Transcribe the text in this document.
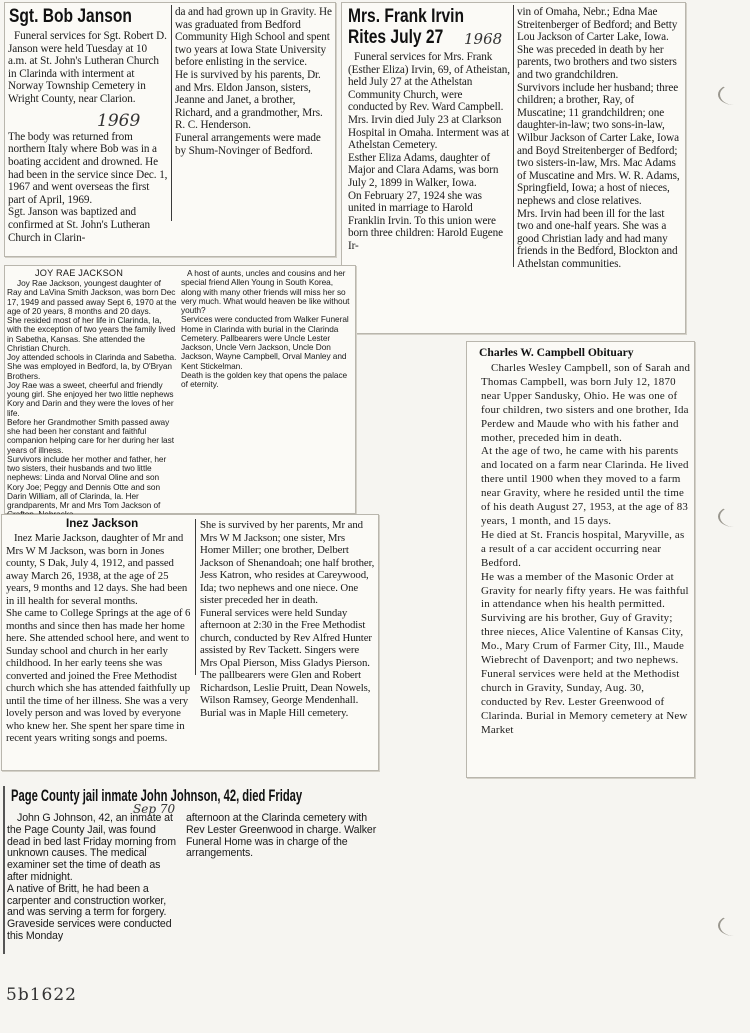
Sgt. Bob Janson

Funeral services for Sgt. Robert D. Janson were held Tuesday at 10 a.m. at St. John's Lutheran Church in Clarinda with interment at Norway Township Cemetery in Wright County, near Clarion.

The body was returned from northern Italy where Bob was in a boating accident and drowned. He had been in the service since Dec. 1, 1967 and went overseas the first part of April, 1969.
Sgt. Janson was baptized and confirmed at St. John's Lutheran Church in Clarin-

1969

da and had grown up in Gravity. He was graduated from Bedford Community High School and spent two years at Iowa State University before enlisting in the service.
He is survived by his parents, Dr. and Mrs. Eldon Janson, sisters, Jeanne and Janet, a brother, Richard, and a grandmother, Mrs. R. C. Henderson.
Funeral arrangements were made by Shum-Novinger of Bedford.

Mrs. Frank Irvin
Rites July 27 1968

Funeral services for Mrs. Frank (Esther Eliza) Irvin, 69, of Atheistan, held July 27 at the Athelstan Community Church, were conducted by Rev. Ward Campbell. Mrs. Irvin died July 23 at Clarkson Hospital in Omaha. Interment was at Athelstan Cemetery.
Esther Eliza Adams, daughter of Major and Clara Adams, was born July 2, 1899 in Walker, Iowa.
On February 27, 1924 she was united in marriage to Harold Franklin Irvin. To this union were born three children: Harold Eugene Ir-

vin of Omaha, Nebr.; Edna Mae Streitenberger of Bedford; and Betty Lou Jackson of Carter Lake, Iowa.
She was preceded in death by her parents, two brothers and two sisters and two grandchildren.
Survivors include her husband; three children; a brother, Ray, of Muscatine; 11 grandchildren; one daughter-in-law; two sons-in-law, Wilbur Jackson of Carter Lake, Iowa and Boyd Streitenberger of Bedford; two sisters-in-law, Mrs. Mac Adams of Muscatine and Mrs. W. R. Adams, Springfield, Iowa; a host of nieces, nephews and close relatives.
Mrs. Irvin had been ill for the last two and one-half years. She was a good Christian lady and had many friends in the Bedford, Blockton and Athelstan communities.

JOY RAE JACKSON

Joy Rae Jackson, youngest daughter of Ray and LaVina Smith Jackson, was born Dec 17, 1949 and passed away Sept 6, 1970 at the age of 20 years, 8 months and 20 days.
She resided most of her life in Clarinda, Ia, with the exception of two years the family lived in Sabetha, Kansas. She attended the Christian Church.
Joy attended schools in Clarinda and Sabetha. She was employed in Bedford, Ia, by O'Bryan Brothers.
Joy Rae was a sweet, cheerful and friendly young girl. She enjoyed her two little nephews Kory and Darin and they were the loves of her life.
Before her Grandmother Smith passed away she had been her constant and faithful companion helping care for her during her last years of illness.
Survivors include her mother and father, her two sisters, their husbands and two little nephews: Linda and Norval Oline and son Kory Joe; Peggy and Dennis Otte and son Darin William, all of Clarinda, Ia. Her grandparents, Mr and Mrs Tom Jackson of

A host of aunts, uncles and cousins and her special friend Allen Young in South Korea, along with many other friends will miss her so very much. What would heaven be like without youth?
Services were conducted from Walker Funeral Home in Clarinda with burial in the Clarinda Cemetery. Pallbearers were Uncle Lester Jackson, Uncle Vern Jackson, Uncle Don Jackson, Wayne Campbell, Orval Manley and Kent Stickelman.
Death is the golden key that opens the palace of eternity.

Charles W. Campbell Obituary

Charles Wesley Campbell, son of Sarah and Thomas Campbell, was born July 12, 1870 near Upper Sandusky, Ohio. He was one of four children, two sisters and one brother, Ida Perdew and Maude who with his father and mother, preceded him in death.
At the age of two, he came with his parents and located on a farm near Clarinda. He lived there until 1900 when they moved to a farm near Gravity, where he resided until the time of his death August 27, 1953, at the age of 83 years, 1 month, and 15 days.
He died at St. Francis hospital, Maryville, as a result of a car accident occurring near Bedford.
He was a member of the Masonic Order at Gravity for nearly fifty years. He was faithful in attendance when his health permitted.
Surviving are his brother, Guy of Gravity; three nieces, Alice Valentine of Kansas City, Mo., Mary Crum of Farmer City, Ill., Maude Wiebrecht of Davenport; and two nephews.
Funeral services were held at the Methodist church in Gravity, Sunday, Aug. 30, conducted by Rev. Lester Greenwood of Clarinda. Burial in Memory cemetery at New Market

Inez Jackson

Inez Marie Jackson, daughter of Mr and Mrs W M Jackson, was born in Jones county, S Dak, July 4, 1912, and passed away March 26, 1938, at the age of 25 years, 9 months and 12 days. She had been in ill health for several months.
She came to College Springs at the age of 6 months and since then has made her home here. She attended school here, and went to Sunday school and church in her early childhood. In her early teens she was converted and joined the Free Methodist church which she has attended faithfully up until the time of her illness. She was a very lovely person and was loved by everyone who knew her. She spent her spare time in recent years writing songs and poems.

She is survived by her parents, Mr and Mrs W M Jackson; one sister, Mrs Homer Miller; one brother, Delbert Jackson of Shenandoah; one half brother, Jess Katron, who resides at Careywood, Ida; two nephews and one niece. One sister preceded her in death.
Funeral services were held Sunday afternoon at 2:30 in the Free Methodist church, conducted by Rev Alfred Hunter assisted by Rev Tackett. Singers were Mrs Opal Pierson, Miss Gladys Pierson. The pallbearers were Glen and Robert Richardson, Leslie Pruitt, Dean Nowels, Wilson Ramsey, George Mendenhall. Burial was in Maple Hill cemetery.

Page County jail inmate John Johnson, 42, died Friday
Sep 70

John G Johnson, 42, an inmate at the Page County Jail, was found dead in bed last Friday morning from unknown causes. The medical examiner set the time of death as after midnight.
A native of Britt, he had been a carpenter and construction worker, and was serving a term for forgery.
Graveside services were conducted this Monday

afternoon at the Clarinda cemetery with Rev Lester Greenwood in charge. Walker Funeral Home was in charge of the arrangements.

5b1622
